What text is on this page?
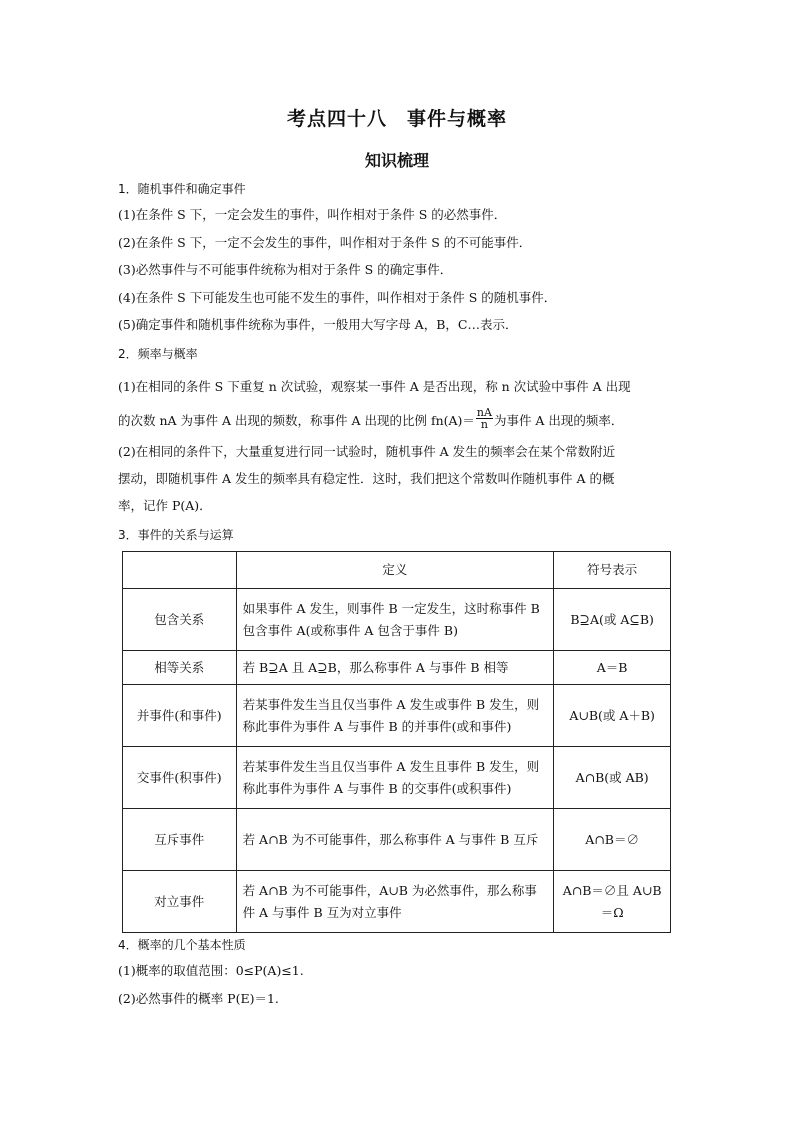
考点四十八　事件与概率
知识梳理
1．随机事件和确定事件
(1)在条件 S 下，一定会发生的事件，叫作相对于条件 S 的必然事件．
(2)在条件 S 下，一定不会发生的事件，叫作相对于条件 S 的不可能事件．
(3)必然事件与不可能事件统称为相对于条件 S 的确定事件．
(4)在条件 S 下可能发生也可能不发生的事件，叫作相对于条件 S 的随机事件．
(5)确定事件和随机事件统称为事件，一般用大写字母 A，B，C…表示．
2．频率与概率
(1)在相同的条件 S 下重复 n 次试验，观察某一事件 A 是否出现，称 n 次试验中事件 A 出现
的次数 nA 为事件 A 出现的频数，称事件 A 出现的比例 $fn(A)= \frac{nA}{n}$ 为事件 A 出现的频率．
(2)在相同的条件下，大量重复进行同一试验时，随机事件 A 发生的频率会在某个常数附近
摆动，即随机事件 A 发生的频率具有稳定性．这时，我们把这个常数叫作随机事件 A 的概
率，记作 P(A)．
3．事件的关系与运算
	定义	符号表示
包含关系	如果事件 A 发生，则事件 B 一定发生，这时称事件 B 包含事件 A(或称事件 A 包含于事件 B)	B⊇A(或 A⊆B)
相等关系	若 B⊇A 且 A⊇B，那么称事件 A 与事件 B 相等	A＝B
并事件(和事件)	若某事件发生当且仅当事件 A 发生或事件 B 发生，则称此事件为事件 A 与事件 B 的并事件(或和事件)	A∪B(或 A＋B)
交事件(积事件)	若某事件发生当且仅当事件 A 发生且事件 B 发生，则称此事件为事件 A 与事件 B 的交事件(或积事件)	A∩B(或 AB)
互斥事件	若 A∩B 为不可能事件，那么称事件 A 与事件 B 互斥	A∩B＝∅
对立事件	若 A∩B 为不可能事件，A∪B 为必然事件，那么称事件 A 与事件 B 互为对立事件	A∩B＝∅且 A∪B＝Ω
4．概率的几个基本性质
(1)概率的取值范围：0≤P(A)≤1.
(2)必然事件的概率 P(E)＝1.
